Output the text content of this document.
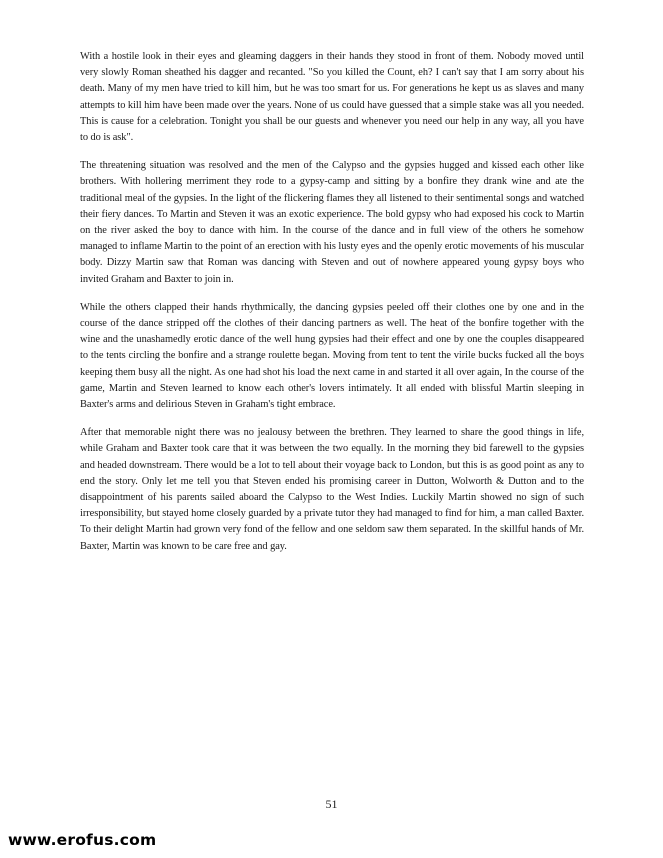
With a hostile look in their eyes and gleaming daggers in their hands they stood in front of them. Nobody moved until very slowly Roman sheathed his dagger and recanted. "So you killed the Count, eh? I can't say that I am sorry about his death. Many of my men have tried to kill him, but he was too smart for us. For generations he kept us as slaves and many attempts to kill him have been made over the years. None of us could have guessed that a simple stake was all you needed. This is cause for a celebration. Tonight you shall be our guests and whenever you need our help in any way, all you have to do is ask".

The threatening situation was resolved and the men of the Calypso and the gypsies hugged and kissed each other like brothers. With hollering merriment they rode to a gypsy-camp and sitting by a bonfire they drank wine and ate the traditional meal of the gypsies. In the light of the flickering flames they all listened to their sentimental songs and watched their fiery dances. To Martin and Steven it was an exotic experience. The bold gypsy who had exposed his cock to Martin on the river asked the boy to dance with him. In the course of the dance and in full view of the others he somehow managed to inflame Martin to the point of an erection with his lusty eyes and the openly erotic movements of his muscular body. Dizzy Martin saw that Roman was dancing with Steven and out of nowhere appeared young gypsy boys who invited Graham and Baxter to join in.

While the others clapped their hands rhythmically, the dancing gypsies peeled off their clothes one by one and in the course of the dance stripped off the clothes of their dancing partners as well. The heat of the bonfire together with the wine and the unashamedly erotic dance of the well hung gypsies had their effect and one by one the couples disappeared to the tents circling the bonfire and a strange roulette began. Moving from tent to tent the virile bucks fucked all the boys keeping them busy all the night. As one had shot his load the next came in and started it all over again, In the course of the game, Martin and Steven learned to know each other's lovers intimately. It all ended with blissful Martin sleeping in Baxter's arms and delirious Steven in Graham's tight embrace.

After that memorable night there was no jealousy between the brethren. They learned to share the good things in life, while Graham and Baxter took care that it was between the two equally. In the morning they bid farewell to the gypsies and headed downstream. There would be a lot to tell about their voyage back to London, but this is as good point as any to end the story. Only let me tell you that Steven ended his promising career in Dutton, Wolworth & Dutton and to the disappointment of his parents sailed aboard the Calypso to the West Indies. Luckily Martin showed no sign of such irresponsibility, but stayed home closely guarded by a private tutor they had managed to find for him, a man called Baxter. To their delight Martin had grown very fond of the fellow and one seldom saw them separated. In the skillful hands of Mr. Baxter, Martin was known to be care free and gay.

51
www.erofus.com
